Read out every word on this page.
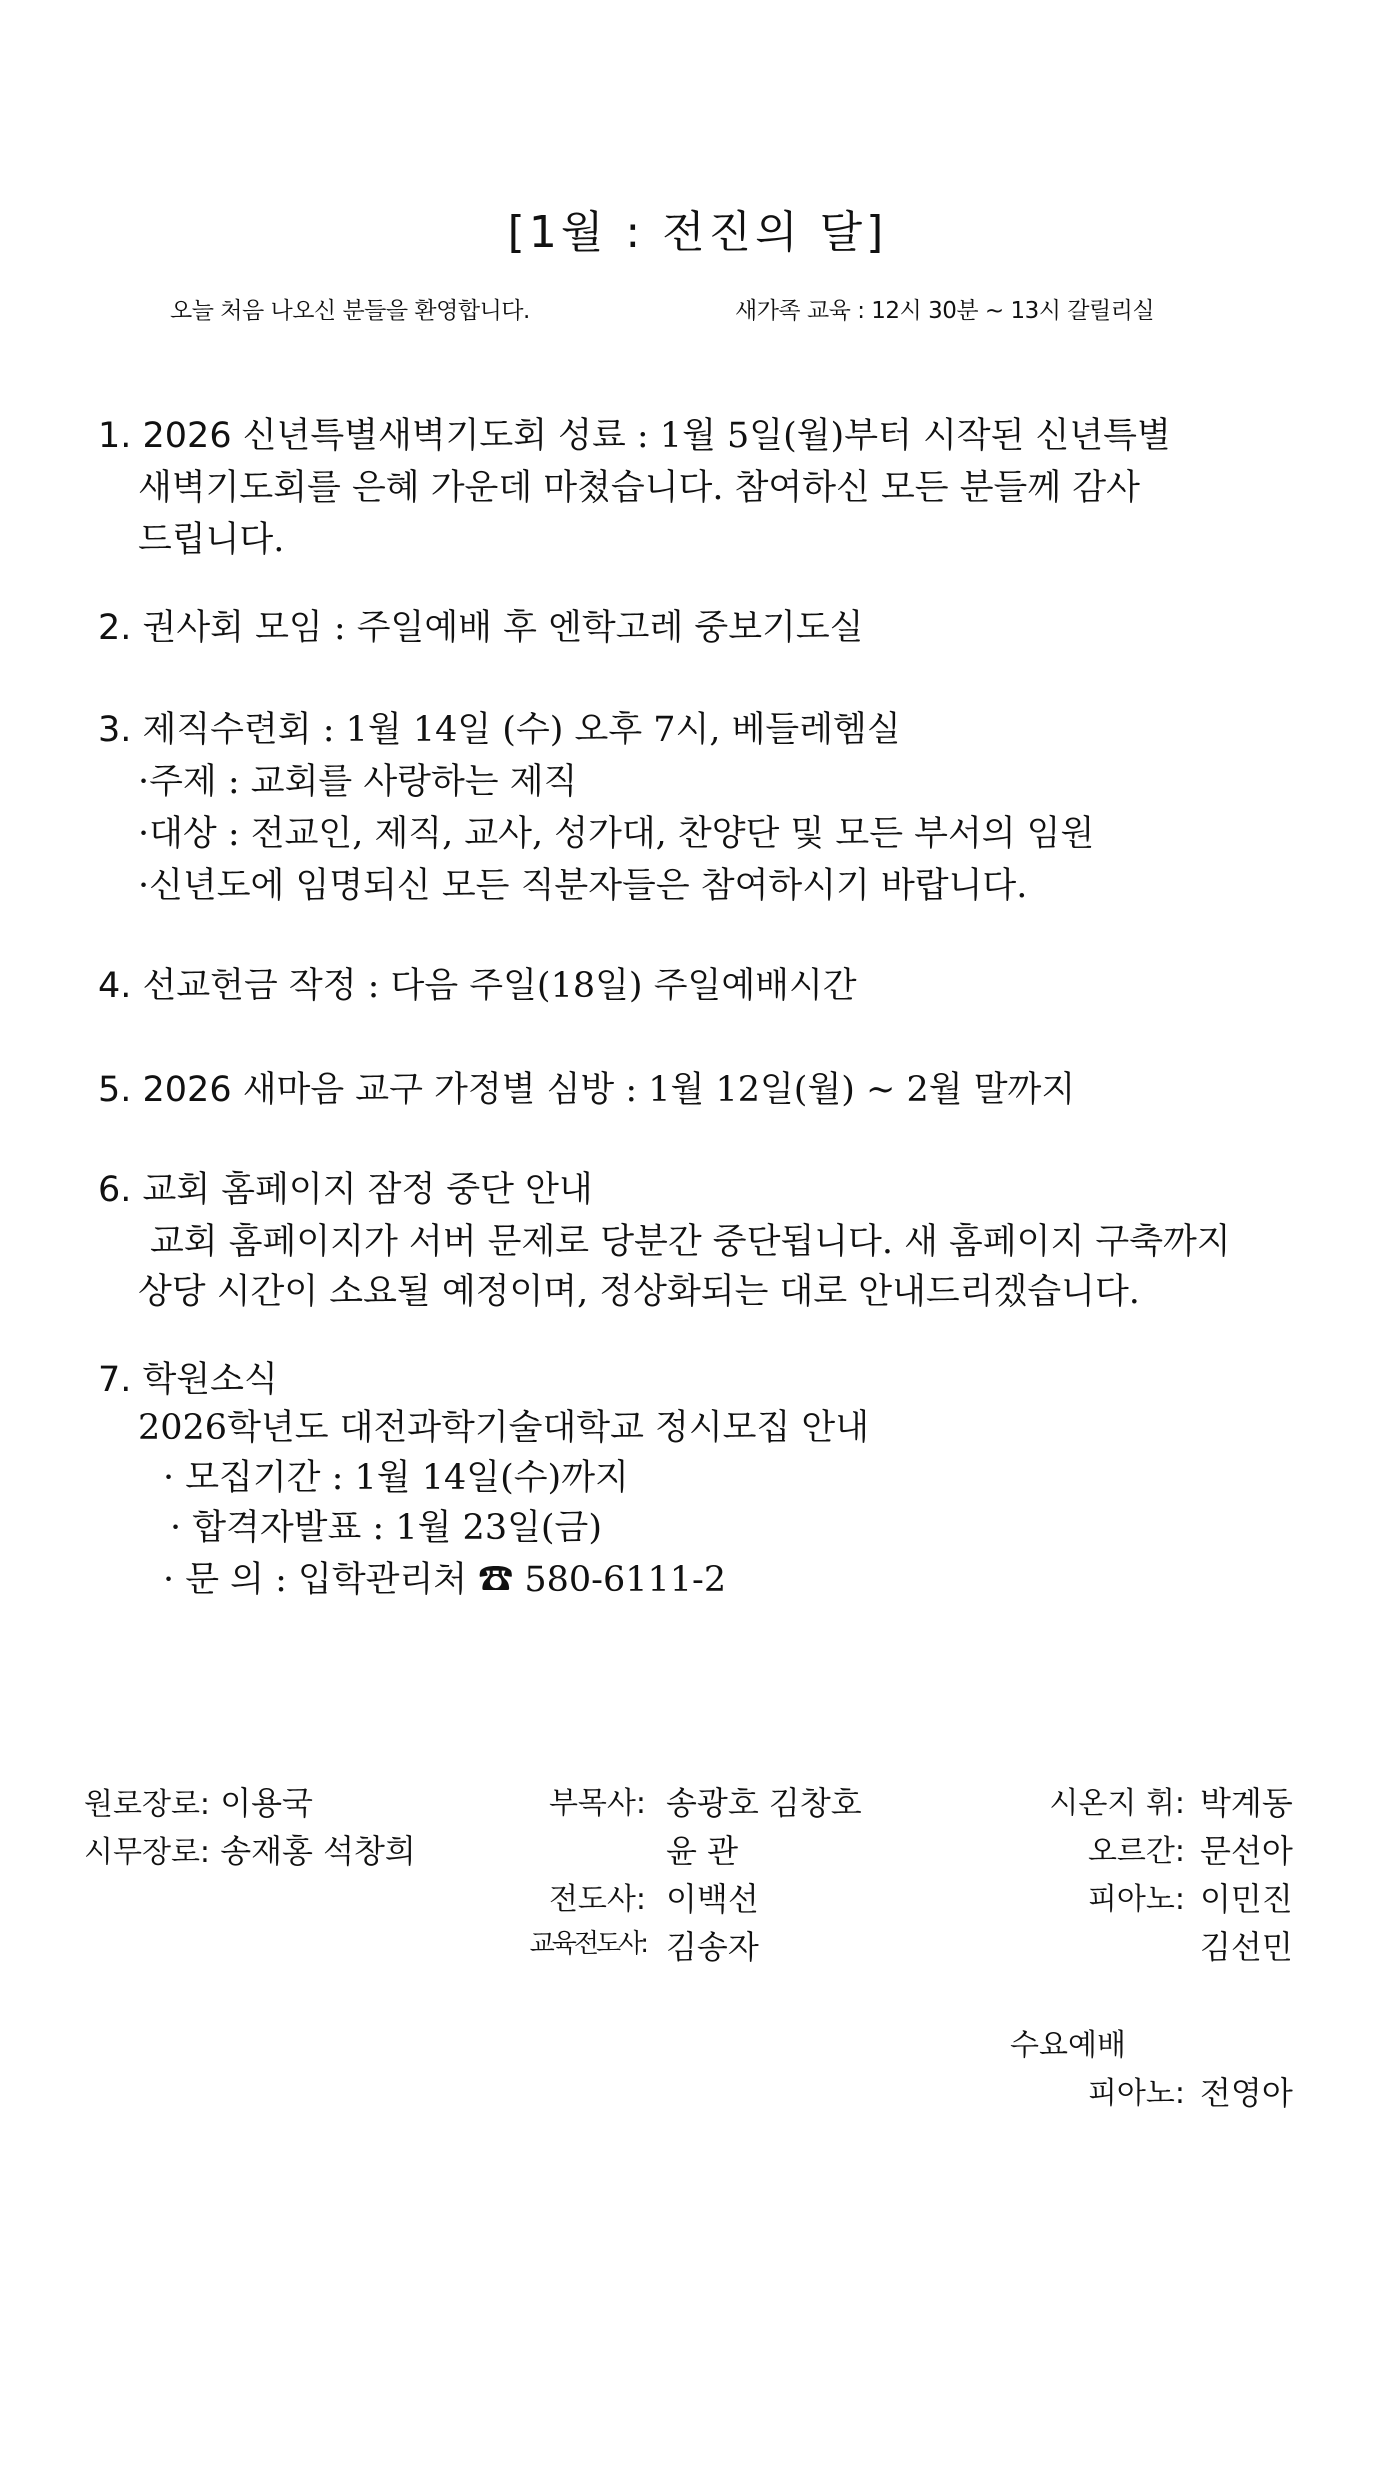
[1월 : 전진의 달]
오늘 처음 나오신 분들을 환영합니다.	새가족 교육 : 12시 30분 ~ 13시 갈릴리실
1. 2026 신년특별새벽기도회 성료 : 1월 5일(월)부터 시작된 신년특별
새벽기도회를 은혜 가운데 마쳤습니다. 참여하신 모든 분들께 감사
드립니다.
2. 권사회 모임 : 주일예배 후 엔학고레 중보기도실
3. 제직수련회 : 1월 14일 (수) 오후 7시, 베들레헴실
·주제 : 교회를 사랑하는 제직
·대상 : 전교인, 제직, 교사, 성가대, 찬양단 및 모든 부서의 임원
·신년도에 임명되신 모든 직분자들은 참여하시기 바랍니다.
4. 선교헌금 작정 : 다음 주일(18일) 주일예배시간
5. 2026 새마음 교구 가정별 심방 : 1월 12일(월) ~ 2월 말까지
6. 교회 홈페이지 잠정 중단 안내
교회 홈페이지가 서버 문제로 당분간 중단됩니다. 새 홈페이지 구축까지
상당 시간이 소요될 예정이며, 정상화되는 대로 안내드리겠습니다.
7. 학원소식
2026학년도 대전과학기술대학교 정시모집 안내
· 모집기간 : 1월 14일(수)까지
· 합격자발표 : 1월 23일(금)
· 문 의 : 입학관리처 ☎ 580-6111-2
원로장로: 이용국
시무장로: 송재홍 석창희
부목사: 송광호 김창호
윤 관
전도사: 이백선
교육전도사: 김송자
시온지 휘: 박계동
오르간: 문선아
피아노: 이민진
김선민
수요예배
피아노: 전영아
